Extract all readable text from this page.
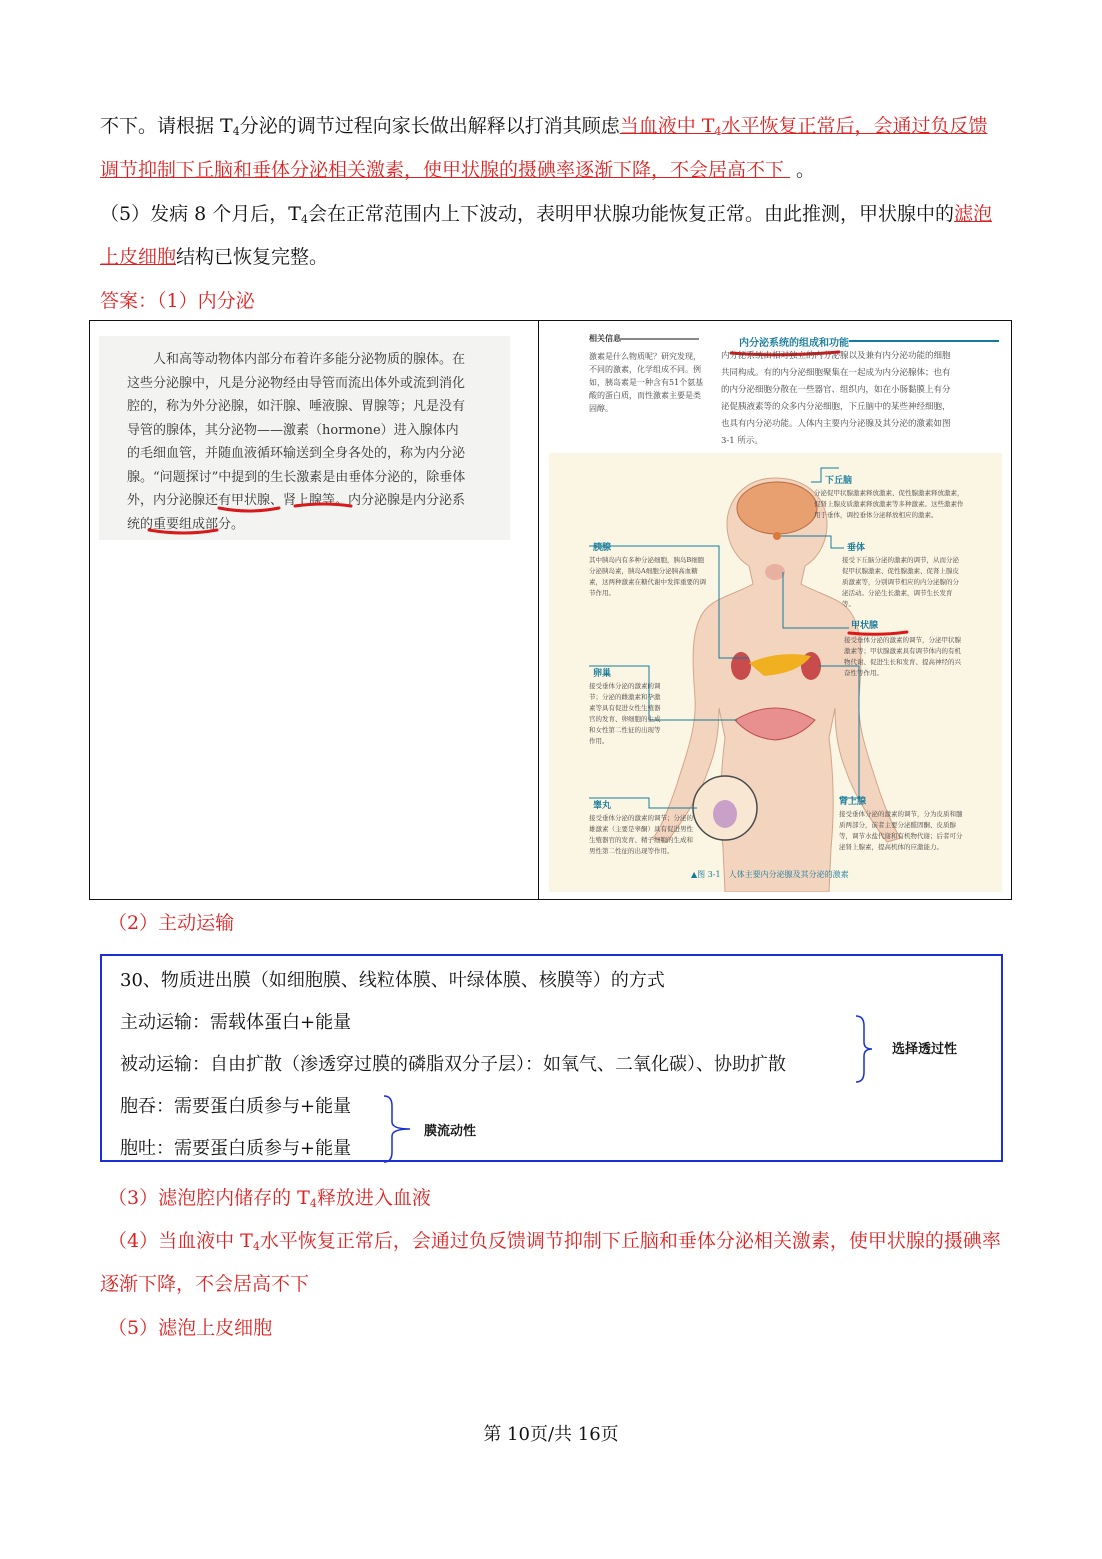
不下。请根据 $T_4$分泌的调节过程向家长做出解释以打消其顾虑当血液中 $T_4$水平恢复正常后，会通过负反馈
调节抑制下丘脑和垂体分泌相关激素，使甲状腺的摄碘率逐渐下降，不会居高不下 。
（5）发病 8 个月后，$T_4$会在正常范围内上下波动，表明甲状腺功能恢复正常。由此推测，甲状腺中的滤泡
上皮细胞结构已恢复完整。
答案：（1）内分泌

人和高等动物体内部分布着许多能分泌物质的腺体。在这些分泌腺中，凡是分泌物经由导管而流出体外或流到消化腔的，称为外分泌腺，如汗腺、唾液腺、胃腺等；凡是没有导管的腺体，其分泌物——激素（hormone）进入腺体内的毛细血管，并随血液循环输送到全身各处的，称为内分泌腺。“问题探讨”中提到的生长激素是由垂体分泌的，除垂体外，内分泌腺还有甲状腺、肾上腺等。内分泌腺是内分泌系统的重要组成部分。

相关信息
激素是什么物质呢？研究发现，不同的激素，化学组成不同。例如，胰岛素是一种含有51个氨基酸的蛋白质，而性激素主要是类固醇。
内分泌系统的组成和功能
内分泌系统由相对独立的内分泌腺以及兼有内分泌功能的细胞共同构成。有的内分泌细胞聚集在一起成为内分泌腺体；也有的内分泌细胞分散在一些器官、组织内，如在小肠黏膜上有分泌促胰液素等的众多内分泌细胞，下丘脑中的某些神经细胞，也具有内分泌功能。人体内主要内分泌腺及其分泌的激素如图 3-1 所示。
下丘脑
分泌促甲状腺激素释放激素、促性腺激素释放激素，促肾上腺皮质激素释放激素等多种激素。这些激素作用于垂体，调控垂体分泌释放相应的激素。
垂体
接受下丘脑分泌的激素的调节，从而分泌促甲状腺激素、促性腺激素、促肾上腺皮质激素等，分别调节相应的内分泌腺的分泌活动。分泌生长激素，调节生长发育等。
甲状腺
接受垂体分泌的激素的调节，分泌甲状腺激素等；甲状腺激素具有调节体内的有机物代谢、促进生长和发育、提高神经的兴奋性等作用。
胰腺
其中胰岛内有多种分泌细胞，胰岛B细胞分泌胰岛素，胰岛A细胞分泌胰高血糖素，这两种激素在糖代谢中发挥重要的调节作用。
卵巢
接受垂体分泌的激素的调节；分泌的雌激素和孕激素等具有促进女性生殖器官的发育、卵细胞的生成和女性第二性征的出现等作用。
睾丸
接受垂体分泌的激素的调节；分泌的雄激素（主要是睾酮）具有促进男性生殖器官的发育、精子细胞的生成和男性第二性征的出现等作用。
肾上腺
接受垂体分泌的激素的调节，分为皮质和髓质两部分，前者主要分泌醛固酮、皮质醇等，调节水盐代谢和有机物代谢；后者可分泌肾上腺素，提高机体的应激能力。
▲图 3-1　人体主要内分泌腺及其分泌的激素
（2）主动运输
30、物质进出膜（如细胞膜、线粒体膜、叶绿体膜、核膜等）的方式
主动运输：需载体蛋白+能量
被动运输：自由扩散（渗透穿过膜的磷脂双分子层）：如氧气、二氧化碳）、协助扩散
胞吞：需要蛋白质参与+能量
胞吐：需要蛋白质参与+能量
选择透过性
膜流动性
（3）滤泡腔内储存的 $T_4$释放进入血液
（4）当血液中 $T_4$水平恢复正常后，会通过负反馈调节抑制下丘脑和垂体分泌相关激素，使甲状腺的摄碘率
逐渐下降，不会居高不下
（5）滤泡上皮细胞
第 10页/共 16页
